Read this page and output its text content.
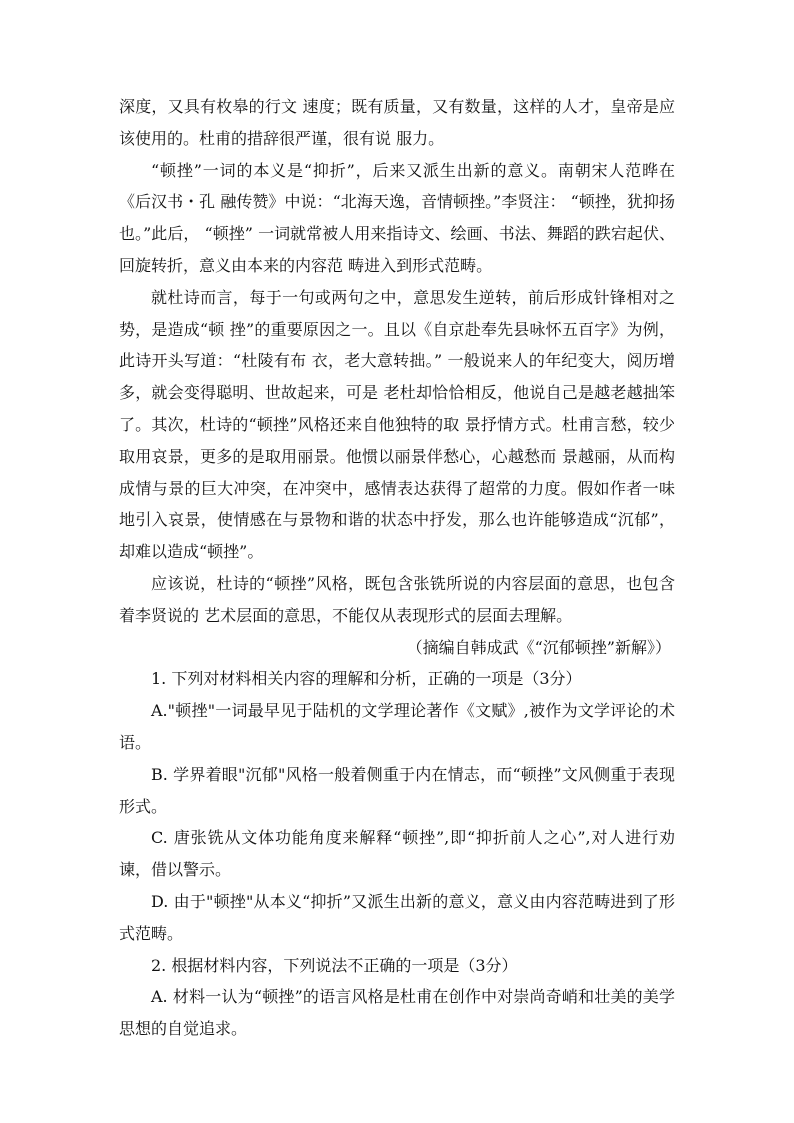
深度，又具有枚皋的行文 速度；既有质量，又有数量，这样的人才，皇帝是应该使用的。杜甫的措辞很严谨，很有说 服力。

“顿挫”一词的本义是“抑折”，后来又派生出新的意义。南朝宋人范晔在《后汉书・孔 融传赞》中说：“北海天逸，音情顿挫。”李贤注： “顿挫，犹抑扬也。”此后， “顿挫” 一词就常被人用来指诗文、绘画、书法、舞蹈的跌宕起伏、回旋转折，意义由本来的内容范 畴进入到形式范畴。

就杜诗而言，每于一句或两句之中，意思发生逆转，前后形成针锋相对之势，是造成“顿 挫”的重要原因之一。且以《自京赴奉先县咏怀五百字》为例，此诗开头写道：“杜陵有布 衣，老大意转拙。” 一般说来人的年纪变大，阅历增多，就会变得聪明、世故起来，可是 老杜却恰恰相反，他说自己是越老越拙笨了。其次，杜诗的“顿挫”风格还来自他独特的取 景抒情方式。杜甫言愁，较少取用哀景，更多的是取用丽景。他惯以丽景伴愁心，心越愁而 景越丽，从而构成情与景的巨大冲突，在冲突中，感情表达获得了超常的力度。假如作者一味地引入哀景，使情感在与景物和谐的状态中抒发，那么也许能够造成“沉郁”，却难以造成“顿挫”。

应该说，杜诗的“顿挫”风格，既包含张铣所说的内容层面的意思，也包含着李贤说的 艺术层面的意思，不能仅从表现形式的层面去理解。

（摘编自韩成武《“沉郁顿挫”新解》）

1. 下列对材料相关内容的理解和分析，正确的一项是（3分）

A."顿挫"一词最早见于陆机的文学理论著作《文赋》,被作为文学评论的术语。

B. 学界着眼"沉郁"风格一般着侧重于内在情志，而“顿挫”文风侧重于表现形式。

C. 唐张铣从文体功能角度来解释“顿挫”,即“抑折前人之心”,对人进行劝谏，借以警示。

D. 由于"顿挫"从本义“抑折”又派生出新的意义，意义由内容范畴进到了形式范畴。

2. 根据材料内容，下列说法不正确的一项是（3分）

A. 材料一认为“顿挫”的语言风格是杜甫在创作中对崇尚奇峭和壮美的美学思想的自觉追求。
